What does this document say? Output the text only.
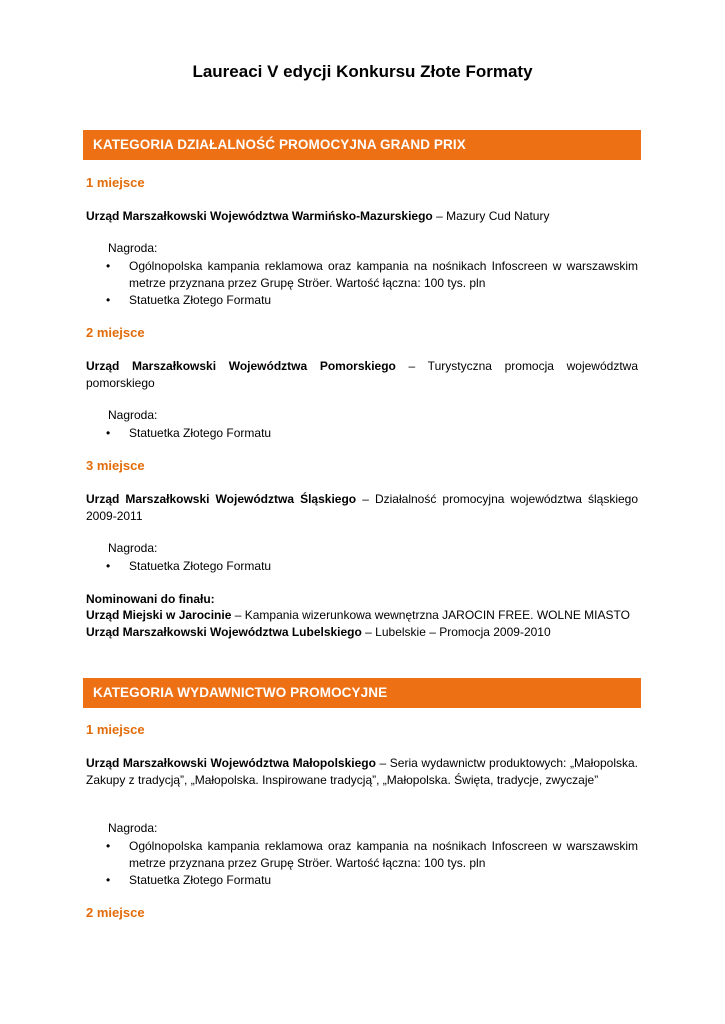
Laureaci V edycji Konkursu Złote Formaty
KATEGORIA DZIAŁALNOŚĆ PROMOCYJNA GRAND PRIX
1 miejsce
Urząd Marszałkowski Województwa Warmińsko-Mazurskiego – Mazury Cud Natury
Nagroda:
•	Ogólnopolska kampania reklamowa oraz kampania na nośnikach Infoscreen w warszawskim metrze przyznana przez Grupę Ströer. Wartość łączna: 100 tys. pln
•	Statuetka Złotego Formatu
2 miejsce
Urząd Marszałkowski Województwa Pomorskiego – Turystyczna promocja województwa pomorskiego
Nagroda:
•	Statuetka Złotego Formatu
3 miejsce
Urząd Marszałkowski Województwa Śląskiego – Działalność promocyjna województwa śląskiego 2009-2011
Nagroda:
•	Statuetka Złotego Formatu
Nominowani do finału:
Urząd Miejski w Jarocinie – Kampania wizerunkowa wewnętrzna JAROCIN FREE. WOLNE MIASTO
Urząd Marszałkowski Województwa Lubelskiego – Lubelskie – Promocja 2009-2010
KATEGORIA WYDAWNICTWO PROMOCYJNE
1 miejsce
Urząd Marszałkowski Województwa Małopolskiego – Seria wydawnictw produktowych: „Małopolska. Zakupy z tradycją”, „Małopolska. Inspirowane tradycją”, „Małopolska. Święta, tradycje, zwyczaje”
Nagroda:
•	Ogólnopolska kampania reklamowa oraz kampania na nośnikach Infoscreen w warszawskim metrze przyznana przez Grupę Ströer. Wartość łączna: 100 tys. pln
•	Statuetka Złotego Formatu
2 miejsce
